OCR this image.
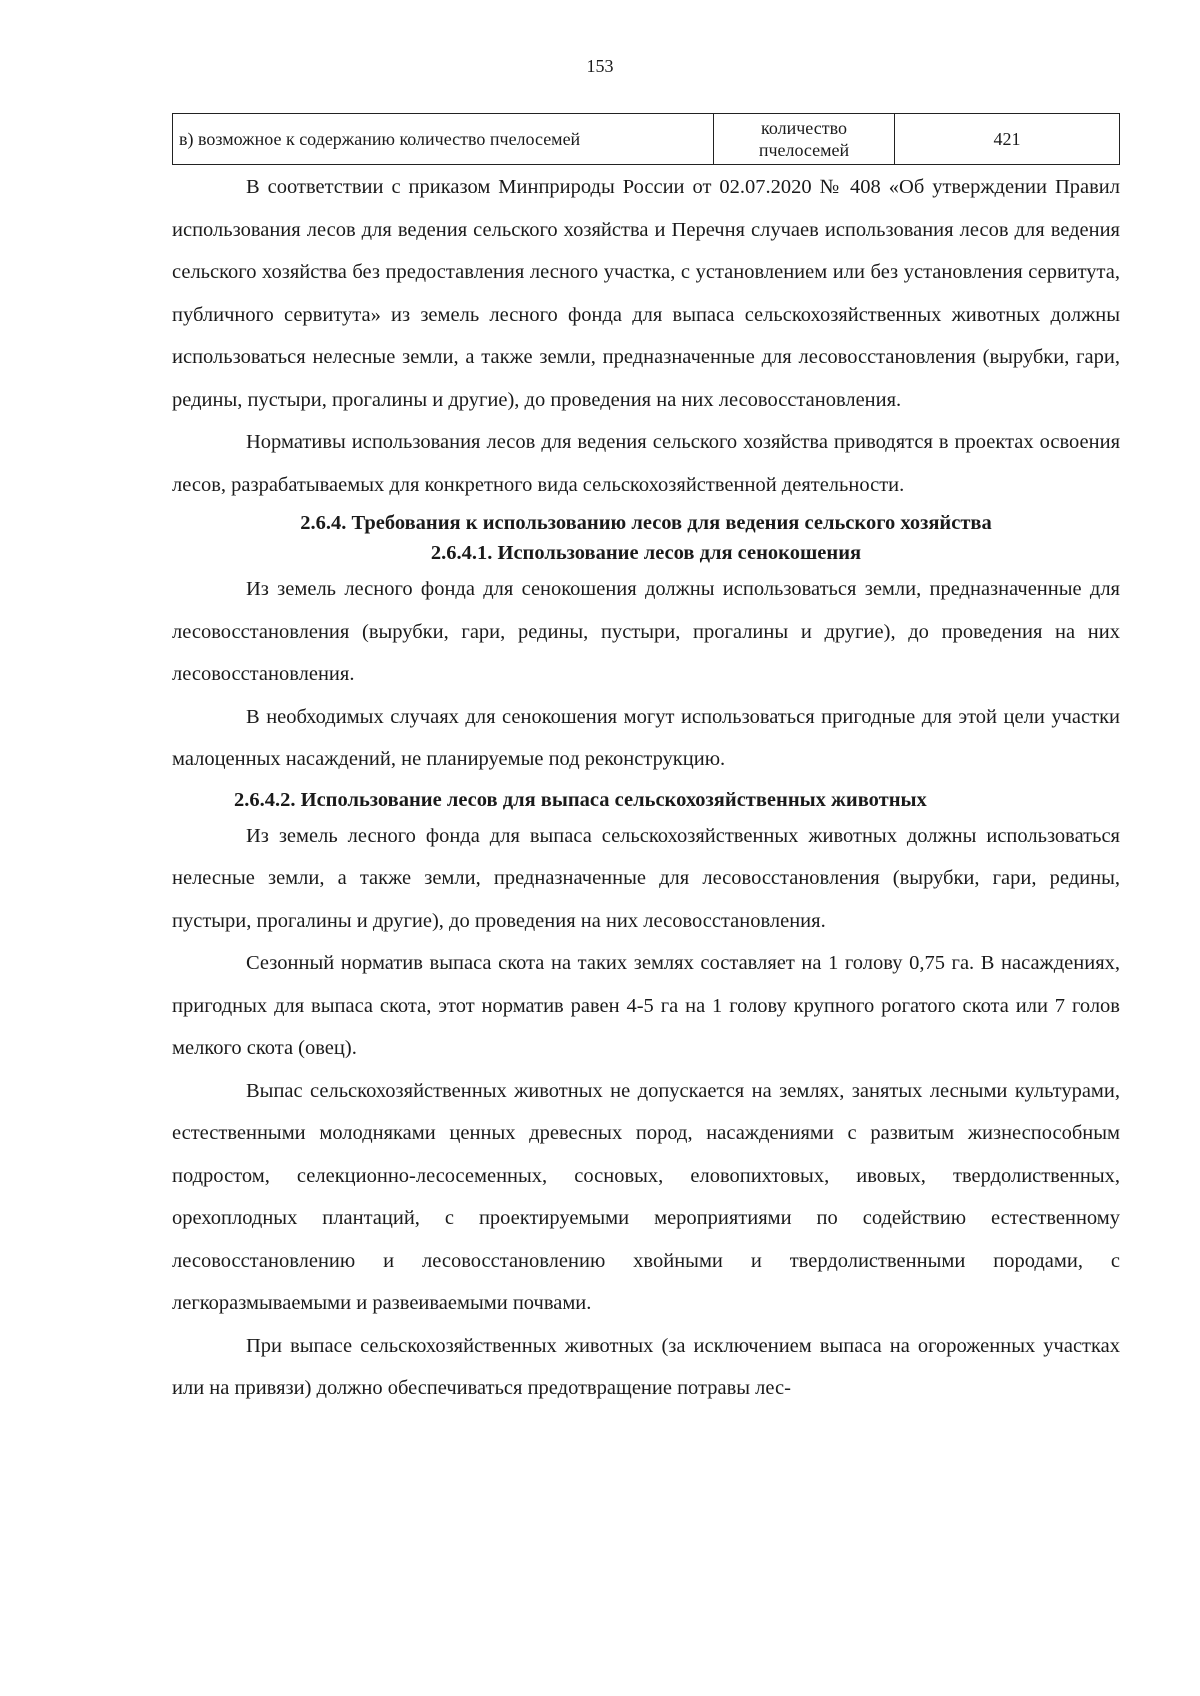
153
в) возможное к содержанию количество пчелосемей	количество пчелосемей	421

В соответствии с приказом Минприроды России от 02.07.2020 № 408 «Об утверждении Правил использования лесов для ведения сельского хозяйства и Перечня случаев использования лесов для ведения сельского хозяйства без предоставления лесного участка, с установлением или без установления сервитута, публичного сервитута» из земель лесного фонда для выпаса сельскохозяйственных животных должны использоваться нелесные земли, а также земли, предназначенные для лесовосстановления (вырубки, гари, редины, пустыри, прогалины и другие), до проведения на них лесовосстановления.

Нормативы использования лесов для ведения сельского хозяйства приводятся в проектах освоения лесов, разрабатываемых для конкретного вида сельскохозяйственной деятельности.

2.6.4. Требования к использованию лесов для ведения сельского хозяйства

2.6.4.1. Использование лесов для сенокошения

Из земель лесного фонда для сенокошения должны использоваться земли, предназначенные для лесовосстановления (вырубки, гари, редины, пустыри, прогалины и другие), до проведения на них лесовосстановления.

В необходимых случаях для сенокошения могут использоваться пригодные для этой цели участки малоценных насаждений, не планируемые под реконструкцию.

2.6.4.2. Использование лесов для выпаса сельскохозяйственных животных

Из земель лесного фонда для выпаса сельскохозяйственных животных должны использоваться нелесные земли, а также земли, предназначенные для лесовосстановления (вырубки, гари, редины, пустыри, прогалины и другие), до проведения на них лесовосстановления.

Сезонный норматив выпаса скота на таких землях составляет на 1 голову 0,75 га. В насаждениях, пригодных для выпаса скота, этот норматив равен 4-5 га на 1 голову крупного рогатого скота или 7 голов мелкого скота (овец).

Выпас сельскохозяйственных животных не допускается на землях, занятых лесными культурами, естественными молодняками ценных древесных пород, насаждениями с развитым жизнеспособным подростом, селекционно-лесосеменных, сосновых, еловопихтовых, ивовых, твердолиственных, орехоплодных плантаций, с проектируемыми мероприятиями по содействию естественному лесовосстановлению и лесовосстановлению хвойными и твердолиственными породами, с легкоразмываемыми и развеиваемыми почвами.

При выпасе сельскохозяйственных животных (за исключением выпаса на огороженных участках или на привязи) должно обеспечиваться предотвращение потравы лес-
